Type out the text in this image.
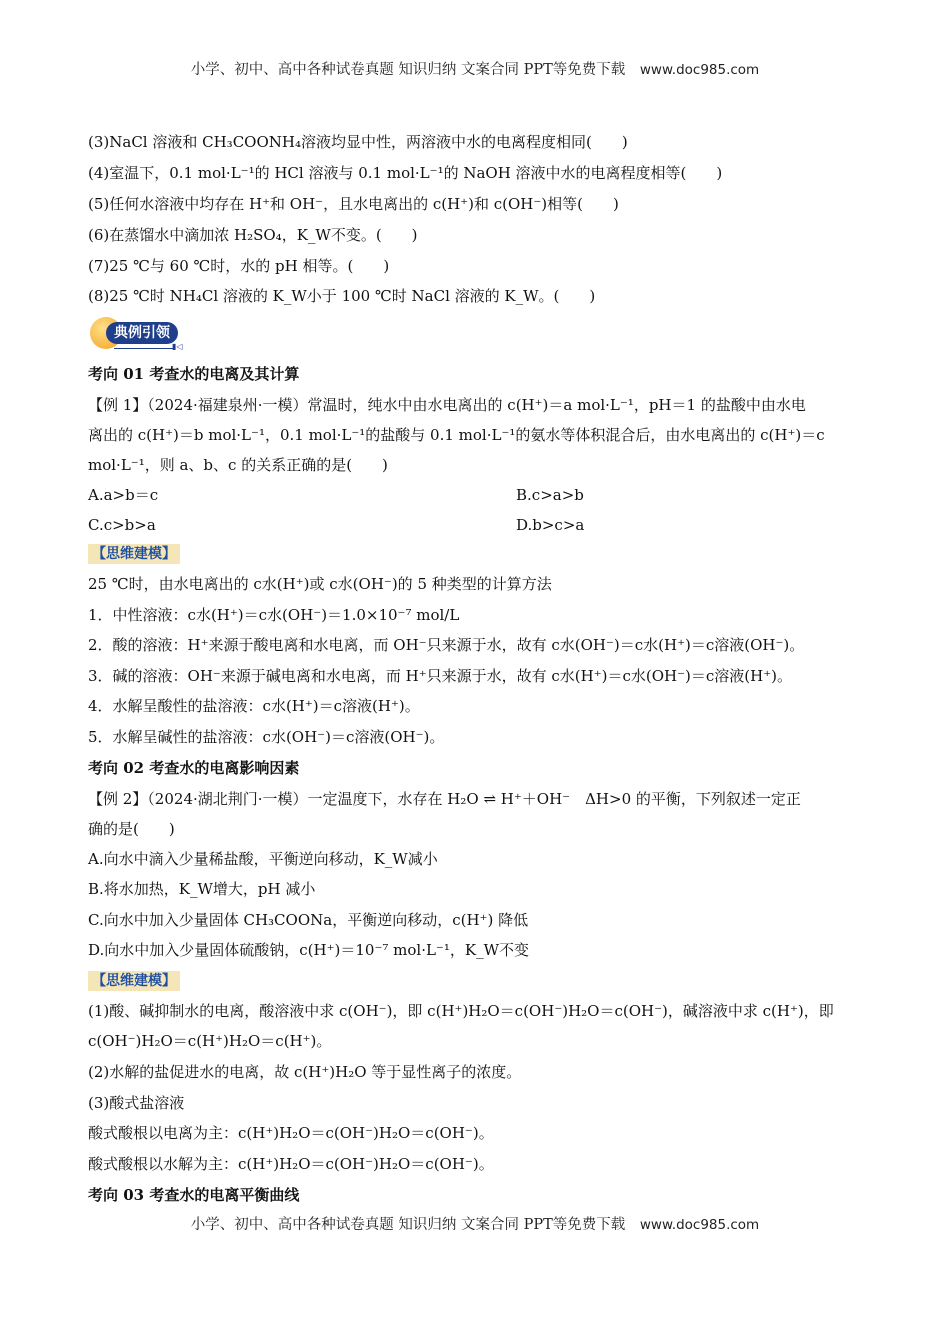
小学、初中、高中各种试卷真题 知识归纳 文案合同 PPT等免费下载 www.doc985.com
(3)NaCl 溶液和 CH₃COONH₄溶液均显中性，两溶液中水的电离程度相同(　　)
(4)室温下，0.1 mol·L⁻¹的 HCl 溶液与 0.1 mol·L⁻¹的 NaOH 溶液中水的电离程度相等(　　)
(5)任何水溶液中均存在 H⁺和 OH⁻，且水电离出的 c(H⁺)和 c(OH⁻)相等(　　)
(6)在蒸馏水中滴加浓 H₂SO₄，K_W不变。(　　)
(7)25 ℃与 60 ℃时，水的 pH 相等。(　　)
(8)25 ℃时 NH₄Cl 溶液的 K_W小于 100 ℃时 NaCl 溶液的 K_W。(　　)
典例引领
▮◁
考向 01 考查水的电离及其计算
【例 1】（2024·福建泉州·一模）常温时，纯水中由水电离出的 c(H⁺)＝a mol·L⁻¹，pH＝1 的盐酸中由水电
离出的 c(H⁺)＝b mol·L⁻¹，0.1 mol·L⁻¹的盐酸与 0.1 mol·L⁻¹的氨水等体积混合后，由水电离出的 c(H⁺)＝c
mol·L⁻¹，则 a、b、c 的关系正确的是(　　)
A.a>b＝c	B.c>a>b
C.c>b>a	D.b>c>a
【思维建模】
25 ℃时，由水电离出的 c水(H⁺)或 c水(OH⁻)的 5 种类型的计算方法
1．中性溶液：c水(H⁺)＝c水(OH⁻)＝1.0×10⁻⁷ mol/L
2．酸的溶液：H⁺来源于酸电离和水电离，而 OH⁻只来源于水，故有 c水(OH⁻)＝c水(H⁺)＝c溶液(OH⁻)。
3．碱的溶液：OH⁻来源于碱电离和水电离，而 H⁺只来源于水，故有 c水(H⁺)＝c水(OH⁻)＝c溶液(H⁺)。
4．水解呈酸性的盐溶液：c水(H⁺)＝c溶液(H⁺)。
5．水解呈碱性的盐溶液：c水(OH⁻)＝c溶液(OH⁻)。
考向 02 考查水的电离影响因素
【例 2】（2024·湖北荆门·一模）一定温度下，水存在 H₂O ⇌ H⁺＋OH⁻　ΔH>0 的平衡，下列叙述一定正
确的是(　　)
A.向水中滴入少量稀盐酸，平衡逆向移动，K_W减小
B.将水加热，K_W增大，pH 减小
C.向水中加入少量固体 CH₃COONa，平衡逆向移动，c(H⁺) 降低
D.向水中加入少量固体硫酸钠，c(H⁺)＝10⁻⁷ mol·L⁻¹，K_W不变
【思维建模】
(1)酸、碱抑制水的电离，酸溶液中求 c(OH⁻)，即 c(H⁺)H₂O＝c(OH⁻)H₂O＝c(OH⁻)，碱溶液中求 c(H⁺)，即
c(OH⁻)H₂O＝c(H⁺)H₂O＝c(H⁺)。
(2)水解的盐促进水的电离，故 c(H⁺)H₂O 等于显性离子的浓度。
(3)酸式盐溶液
酸式酸根以电离为主：c(H⁺)H₂O＝c(OH⁻)H₂O＝c(OH⁻)。
酸式酸根以水解为主：c(H⁺)H₂O＝c(OH⁻)H₂O＝c(OH⁻)。
考向 03 考查水的电离平衡曲线
小学、初中、高中各种试卷真题 知识归纳 文案合同 PPT等免费下载 www.doc985.com
